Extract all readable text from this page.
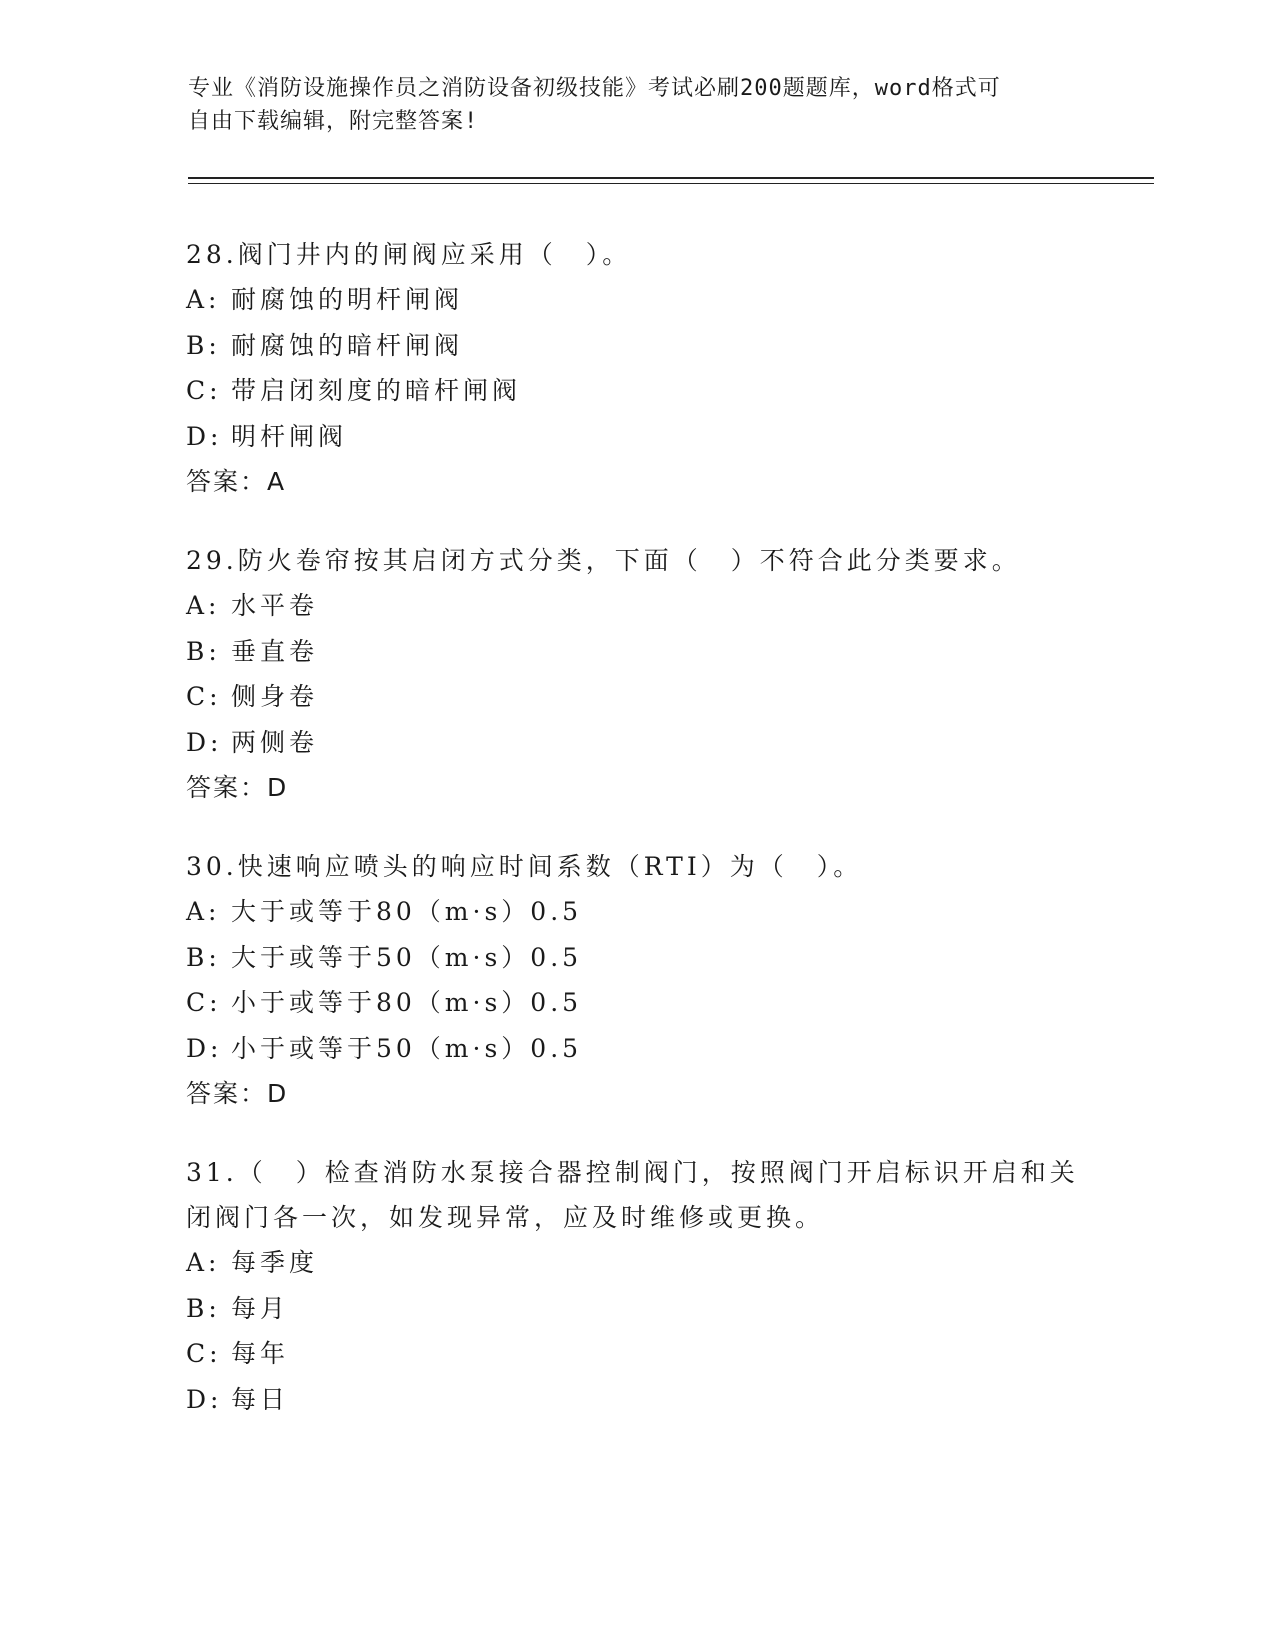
专业《消防设施操作员之消防设备初级技能》考试必刷200题题库，word格式可
自由下载编辑，附完整答案!

28.阀门井内的闸阀应采用（　）。

A: 耐腐蚀的明杆闸阀

B: 耐腐蚀的暗杆闸阀

C: 带启闭刻度的暗杆闸阀

D: 明杆闸阀

答案：A

29.防火卷帘按其启闭方式分类，下面（　）不符合此分类要求。

A: 水平卷

B: 垂直卷

C: 侧身卷

D: 两侧卷

答案：D

30.快速响应喷头的响应时间系数（RTI）为（　）。

A: 大于或等于80（m·s）0.5

B: 大于或等于50（m·s）0.5

C: 小于或等于80（m·s）0.5

D: 小于或等于50（m·s）0.5

答案：D

31.（　）检查消防水泵接合器控制阀门，按照阀门开启标识开启和关闭阀门各一次，如发现异常，应及时维修或更换。

A: 每季度

B: 每月

C: 每年

D: 每日
